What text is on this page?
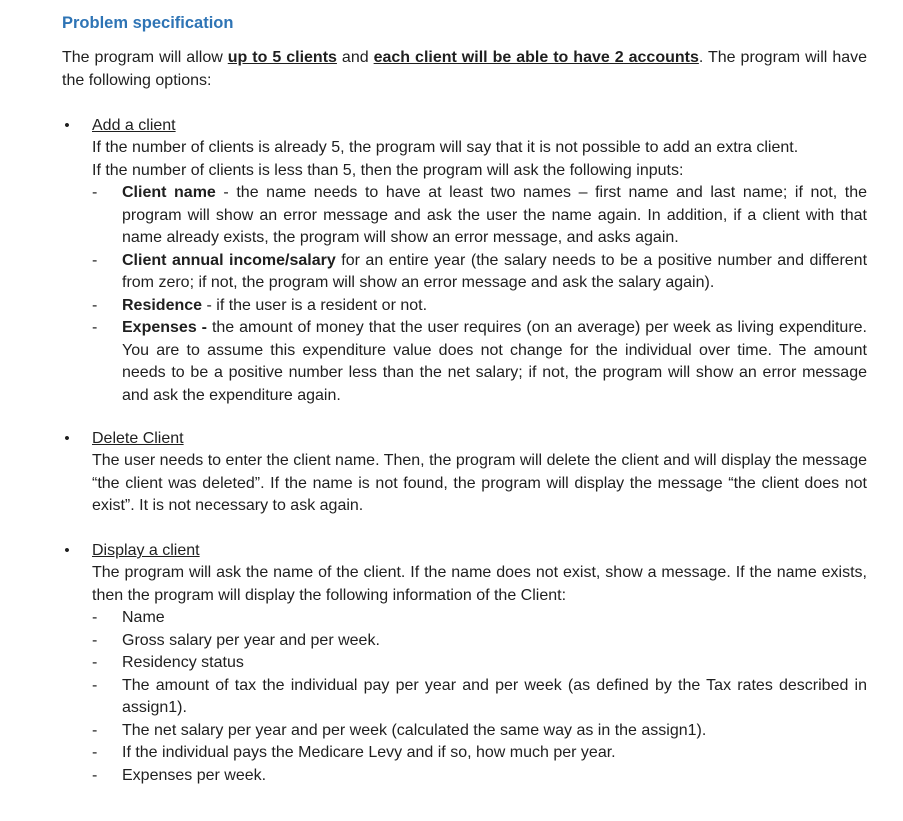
Problem specification
The program will allow up to 5 clients and each client will be able to have 2 accounts. The program will have the following options:
• Add a client
If the number of clients is already 5, the program will say that it is not possible to add an extra client.
If the number of clients is less than 5, then the program will ask the following inputs:
- Client name - the name needs to have at least two names – first name and last name; if not, the program will show an error message and ask the user the name again. In addition, if a client with that name already exists, the program will show an error message, and asks again.
- Client annual income/salary for an entire year (the salary needs to be a positive number and different from zero; if not, the program will show an error message and ask the salary again).
- Residence - if the user is a resident or not.
- Expenses - the amount of money that the user requires (on an average) per week as living expenditure. You are to assume this expenditure value does not change for the individual over time. The amount needs to be a positive number less than the net salary; if not, the program will show an error message and ask the expenditure again.
• Delete Client
The user needs to enter the client name. Then, the program will delete the client and will display the message “the client was deleted”. If the name is not found, the program will display the message “the client does not exist”. It is not necessary to ask again.
• Display a client
The program will ask the name of the client. If the name does not exist, show a message. If the name exists, then the program will display the following information of the Client:
- Name
- Gross salary per year and per week.
- Residency status
- The amount of tax the individual pay per year and per week (as defined by the Tax rates described in assign1).
- The net salary per year and per week (calculated the same way as in the assign1).
- If the individual pays the Medicare Levy and if so, how much per year.
- Expenses per week.
